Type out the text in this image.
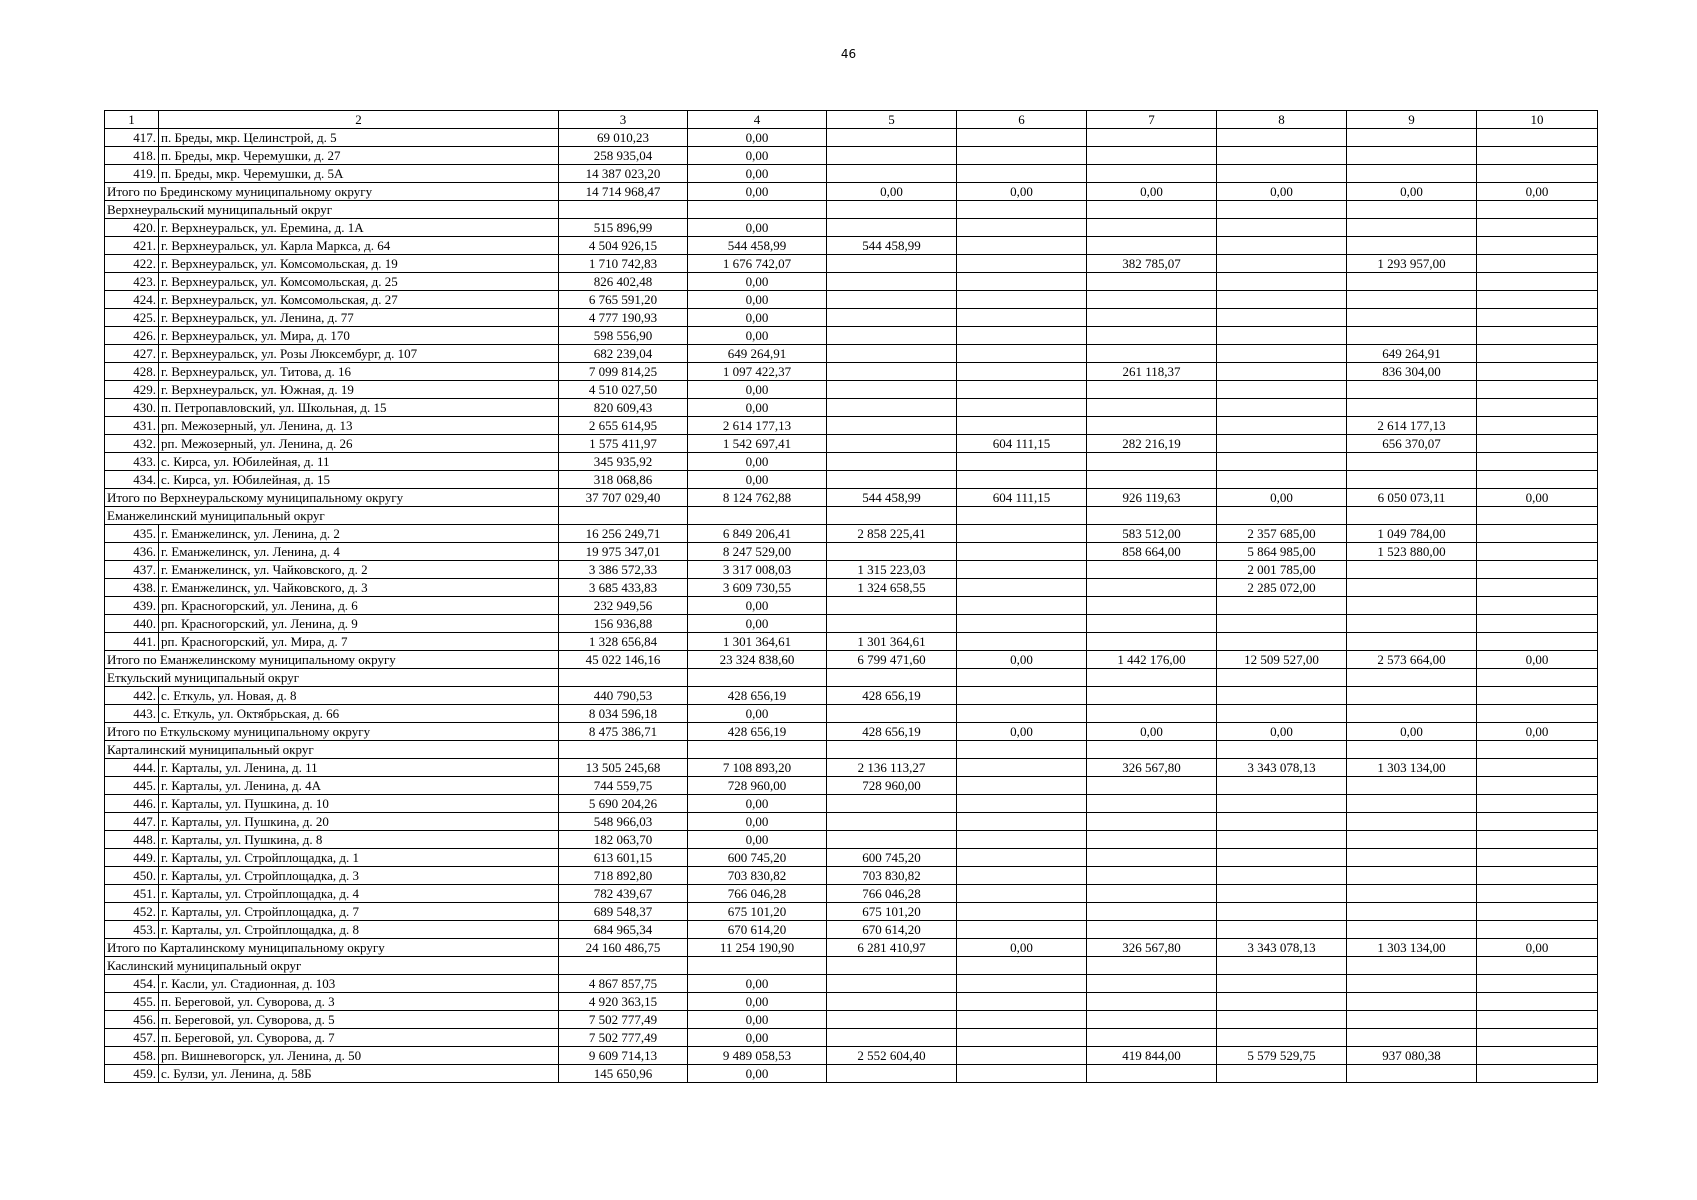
46
1	2	3	4	5	6	7	8	9	10
417.	п. Бреды, мкр. Целинстрой, д. 5	69 010,23	0,00						
418.	п. Бреды, мкр. Черемушки, д. 27	258 935,04	0,00						
419.	п. Бреды, мкр. Черемушки, д. 5А	14 387 023,20	0,00						
Итого по Брединскому муниципальному округу		14 714 968,47	0,00	0,00	0,00	0,00	0,00	0,00	0,00
Верхнеуральский муниципальный округ									
420.	г. Верхнеуральск, ул. Еремина, д. 1А	515 896,99	0,00						
421.	г. Верхнеуральск, ул. Карла Маркса, д. 64	4 504 926,15	544 458,99	544 458,99					
422.	г. Верхнеуральск, ул. Комсомольская, д. 19	1 710 742,83	1 676 742,07			382 785,07		1 293 957,00	
423.	г. Верхнеуральск, ул. Комсомольская, д. 25	826 402,48	0,00						
424.	г. Верхнеуральск, ул. Комсомольская, д. 27	6 765 591,20	0,00						
425.	г. Верхнеуральск, ул. Ленина, д. 77	4 777 190,93	0,00						
426.	г. Верхнеуральск, ул. Мира, д. 170	598 556,90	0,00						
427.	г. Верхнеуральск, ул. Розы Люксембург, д. 107	682 239,04	649 264,91					649 264,91	
428.	г. Верхнеуральск, ул. Титова, д. 16	7 099 814,25	1 097 422,37			261 118,37		836 304,00	
429.	г. Верхнеуральск, ул. Южная, д. 19	4 510 027,50	0,00						
430.	п. Петропавловский, ул. Школьная, д. 15	820 609,43	0,00						
431.	рп. Межозерный, ул. Ленина, д. 13	2 655 614,95	2 614 177,13					2 614 177,13	
432.	рп. Межозерный, ул. Ленина, д. 26	1 575 411,97	1 542 697,41		604 111,15	282 216,19		656 370,07	
433.	с. Кирса, ул. Юбилейная, д. 11	345 935,92	0,00						
434.	с. Кирса, ул. Юбилейная, д. 15	318 068,86	0,00						
Итого по Верхнеуральскому муниципальному округу		37 707 029,40	8 124 762,88	544 458,99	604 111,15	926 119,63	0,00	6 050 073,11	0,00
Еманжелинский муниципальный округ									
435.	г. Еманжелинск, ул. Ленина, д. 2	16 256 249,71	6 849 206,41	2 858 225,41		583 512,00	2 357 685,00	1 049 784,00	
436.	г. Еманжелинск, ул. Ленина, д. 4	19 975 347,01	8 247 529,00			858 664,00	5 864 985,00	1 523 880,00	
437.	г. Еманжелинск, ул. Чайковского, д. 2	3 386 572,33	3 317 008,03	1 315 223,03			2 001 785,00		
438.	г. Еманжелинск, ул. Чайковского, д. 3	3 685 433,83	3 609 730,55	1 324 658,55			2 285 072,00		
439.	рп. Красногорский, ул. Ленина, д. 6	232 949,56	0,00						
440.	рп. Красногорский, ул. Ленина, д. 9	156 936,88	0,00						
441.	рп. Красногорский, ул. Мира, д. 7	1 328 656,84	1 301 364,61	1 301 364,61					
Итого по Еманжелинскому муниципальному округу		45 022 146,16	23 324 838,60	6 799 471,60	0,00	1 442 176,00	12 509 527,00	2 573 664,00	0,00
Еткульский муниципальный округ									
442.	с. Еткуль, ул. Новая, д. 8	440 790,53	428 656,19	428 656,19					
443.	с. Еткуль, ул. Октябрьская, д. 66	8 034 596,18	0,00						
Итого по Еткульскому муниципальному округу		8 475 386,71	428 656,19	428 656,19	0,00	0,00	0,00	0,00	0,00
Карталинский муниципальный округ									
444.	г. Карталы, ул. Ленина, д. 11	13 505 245,68	7 108 893,20	2 136 113,27		326 567,80	3 343 078,13	1 303 134,00	
445.	г. Карталы, ул. Ленина, д. 4А	744 559,75	728 960,00	728 960,00					
446.	г. Карталы, ул. Пушкина, д. 10	5 690 204,26	0,00						
447.	г. Карталы, ул. Пушкина, д. 20	548 966,03	0,00						
448.	г. Карталы, ул. Пушкина, д. 8	182 063,70	0,00						
449.	г. Карталы, ул. Стройплощадка, д. 1	613 601,15	600 745,20	600 745,20					
450.	г. Карталы, ул. Стройплощадка, д. 3	718 892,80	703 830,82	703 830,82					
451.	г. Карталы, ул. Стройплощадка, д. 4	782 439,67	766 046,28	766 046,28					
452.	г. Карталы, ул. Стройплощадка, д. 7	689 548,37	675 101,20	675 101,20					
453.	г. Карталы, ул. Стройплощадка, д. 8	684 965,34	670 614,20	670 614,20					
Итого по Карталинскому муниципальному округу		24 160 486,75	11 254 190,90	6 281 410,97	0,00	326 567,80	3 343 078,13	1 303 134,00	0,00
Каслинский муниципальный округ									
454.	г. Касли, ул. Стадионная, д. 103	4 867 857,75	0,00						
455.	п. Береговой, ул. Суворова, д. 3	4 920 363,15	0,00						
456.	п. Береговой, ул. Суворова, д. 5	7 502 777,49	0,00						
457.	п. Береговой, ул. Суворова, д. 7	7 502 777,49	0,00						
458.	рп. Вишневогорск, ул. Ленина, д. 50	9 609 714,13	9 489 058,53	2 552 604,40		419 844,00	5 579 529,75	937 080,38	
459.	с. Булзи, ул. Ленина, д. 58Б	145 650,96	0,00						
